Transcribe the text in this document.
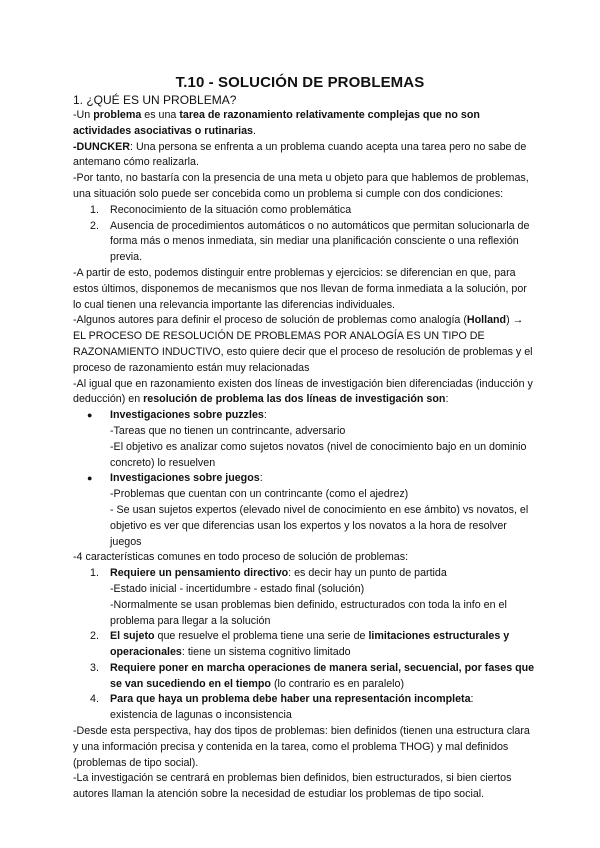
T.10 - SOLUCIÓN DE PROBLEMAS

1. ¿QUÉ ES UN PROBLEMA?

-Un problema es una tarea de razonamiento relativamente complejas que no son actividades asociativas o rutinarias.

-DUNCKER: Una persona se enfrenta a un problema cuando acepta una tarea pero no sabe de antemano cómo realizarla.

-Por tanto, no bastaría con la presencia de una meta u objeto para que hablemos de problemas, una situación solo puede ser concebida como un problema si cumple con dos condiciones:

1. Reconocimiento de la situación como problemática
2. Ausencia de procedimientos automáticos o no automáticos que permitan solucionarla de forma más o menos inmediata, sin mediar una planificación consciente o una reflexión previa.

-A partir de esto, podemos distinguir entre problemas y ejercicios: se diferencian en que, para estos últimos, disponemos de mecanismos que nos llevan de forma inmediata a la solución, por lo cual tienen una relevancia importante las diferencias individuales.

-Algunos autores para definir el proceso de solución de problemas como analogía (Holland) → EL PROCESO DE RESOLUCIÓN DE PROBLEMAS POR ANALOGÍA ES UN TIPO DE RAZONAMIENTO INDUCTIVO, esto quiere decir que el proceso de resolución de problemas y el proceso de razonamiento están muy relacionadas

-Al igual que en razonamiento existen dos líneas de investigación bien diferenciadas (inducción y deducción) en resolución de problema las dos líneas de investigación son:

● Investigaciones sobre puzzles:
-Tareas que no tienen un contrincante, adversario
-El objetivo es analizar como sujetos novatos (nivel de conocimiento bajo en un dominio concreto) lo resuelven
● Investigaciones sobre juegos:
-Problemas que cuentan con un contrincante (como el ajedrez)
- Se usan sujetos expertos (elevado nivel de conocimiento en ese ámbito) vs novatos, el objetivo es ver que diferencias usan los expertos y los novatos a la hora de resolver juegos

-4 características comunes en todo proceso de solución de problemas:

1. Requiere un pensamiento directivo: es decir hay un punto de partida
-Estado inicial - incertidumbre - estado final (solución)
-Normalmente se usan problemas bien definido, estructurados con toda la info en el problema para llegar a la solución
2. El sujeto que resuelve el problema tiene una serie de limitaciones estructurales y operacionales: tiene un sistema cognitivo limitado
3. Requiere poner en marcha operaciones de manera serial, secuencial, por fases que se van sucediendo en el tiempo (lo contrario es en paralelo)
4. Para que haya un problema debe haber una representación incompleta:
existencia de lagunas o inconsistencia

-Desde esta perspectiva, hay dos tipos de problemas: bien definidos (tienen una estructura clara y una información precisa y contenida en la tarea, como el problema THOG) y mal definidos (problemas de tipo social).

-La investigación se centrará en problemas bien definidos, bien estructurados, si bien ciertos autores llaman la atención sobre la necesidad de estudiar los problemas de tipo social.
